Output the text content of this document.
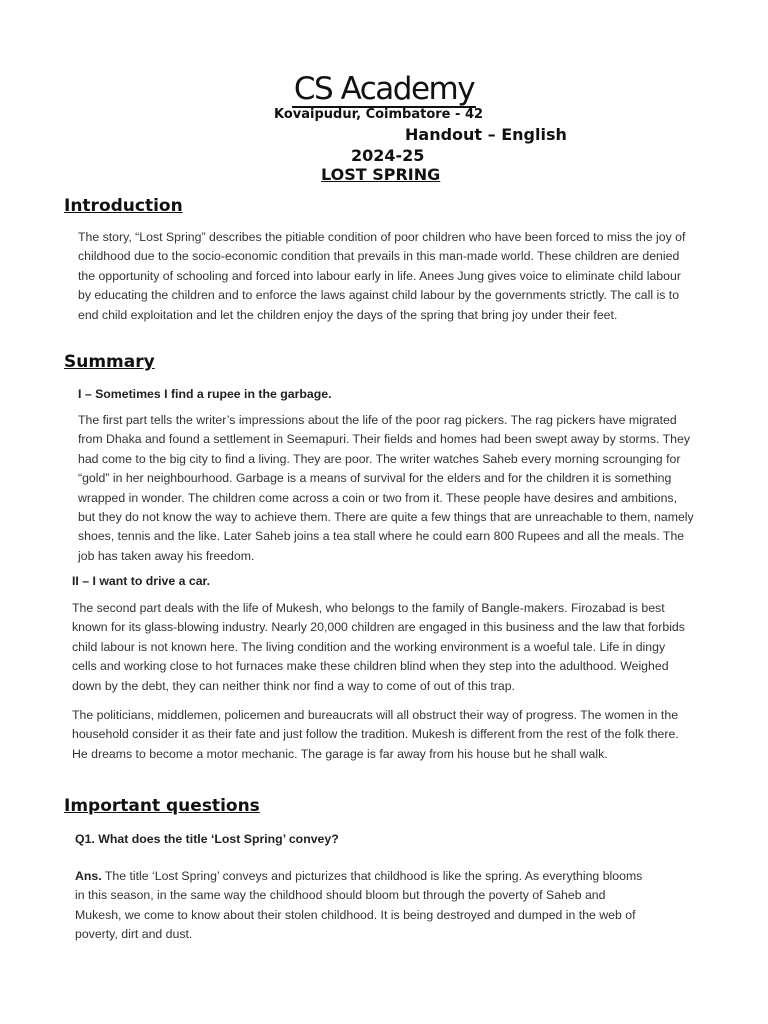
CS Academy
Kovaipudur, Coimbatore - 42
Handout – English
2024-25
LOST SPRING
Introduction

The story, “Lost Spring” describes the pitiable condition of poor children who have been forced to miss the joy of childhood due to the socio-economic condition that prevails in this man-made world. These children are denied the opportunity of schooling and forced into labour early in life. Anees Jung gives voice to eliminate child labour by educating the children and to enforce the laws against child labour by the governments strictly. The call is to end child exploitation and let the children enjoy the days of the spring that bring joy under their feet.

Summary
I – Sometimes I find a rupee in the garbage.

The first part tells the writer’s impressions about the life of the poor rag pickers. The rag pickers have migrated from Dhaka and found a settlement in Seemapuri. Their fields and homes had been swept away by storms. They had come to the big city to find a living. They are poor. The writer watches Saheb every morning scrounging for “gold” in her neighbourhood. Garbage is a means of survival for the elders and for the children it is something wrapped in wonder. The children come across a coin or two from it. These people have desires and ambitions, but they do not know the way to achieve them. There are quite a few things that are unreachable to them, namely shoes, tennis and the like. Later Saheb joins a tea stall where he could earn 800 Rupees and all the meals. The job has taken away his freedom.

II – I want to drive a car.

The second part deals with the life of Mukesh, who belongs to the family of Bangle-makers. Firozabad is best known for its glass-blowing industry. Nearly 20,000 children are engaged in this business and the law that forbids child labour is not known here. The living condition and the working environment is a woeful tale. Life in dingy cells and working close to hot furnaces make these children blind when they step into the adulthood. Weighed down by the debt, they can neither think nor find a way to come of out of this trap.

The politicians, middlemen, policemen and bureaucrats will all obstruct their way of progress. The women in the household consider it as their fate and just follow the tradition. Mukesh is different from the rest of the folk there. He dreams to become a motor mechanic. The garage is far away from his house but he shall walk.

Important questions
Q1. What does the title ‘Lost Spring’ convey?

Ans. The title ‘Lost Spring’ conveys and picturizes that childhood is like the spring. As everything blooms in this season, in the same way the childhood should bloom but through the poverty of Saheb and Mukesh, we come to know about their stolen childhood. It is being destroyed and dumped in the web of poverty, dirt and dust.
